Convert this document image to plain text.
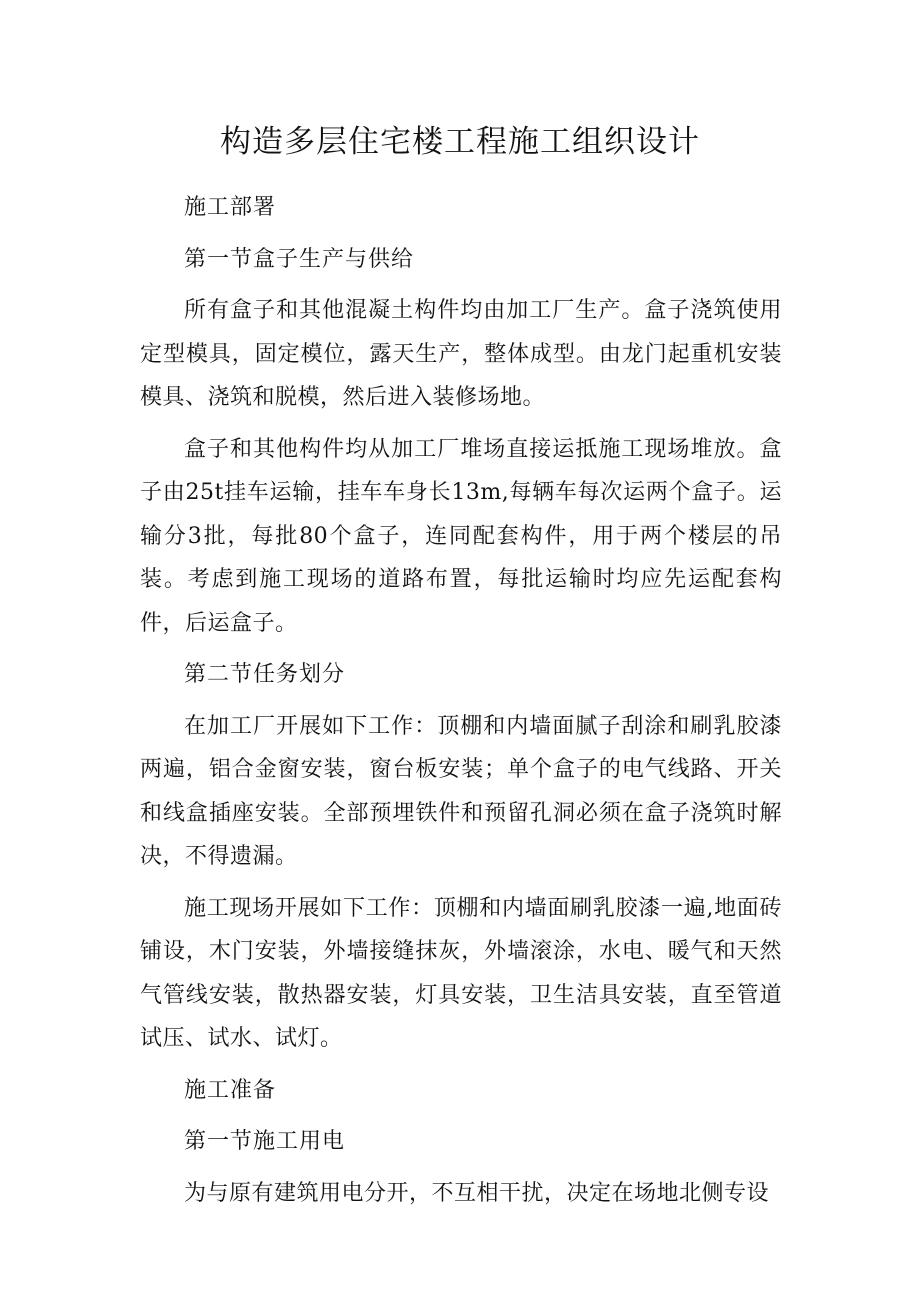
构造多层住宅楼工程施工组织设计

施工部署

第一节盒子生产与供给

所有盒子和其他混凝土构件均由加工厂生产。盒子浇筑使用定型模具，固定模位，露天生产，整体成型。由龙门起重机安装模具、浇筑和脱模，然后进入装修场地。

盒子和其他构件均从加工厂堆场直接运抵施工现场堆放。盒子由25t挂车运输，挂车车身长13m,每辆车每次运两个盒子。运输分3批，每批80个盒子，连同配套构件，用于两个楼层的吊装。考虑到施工现场的道路布置，每批运输时均应先运配套构件，后运盒子。

第二节任务划分

在加工厂开展如下工作：顶棚和内墙面腻子刮涂和刷乳胶漆两遍，铝合金窗安装，窗台板安装；单个盒子的电气线路、开关和线盒插座安装。全部预埋铁件和预留孔洞必须在盒子浇筑时解决，不得遗漏。

施工现场开展如下工作：顶棚和内墙面刷乳胶漆一遍,地面砖铺设，木门安装，外墙接缝抹灰，外墙滚涂，水电、暖气和天然气管线安装，散热器安装，灯具安装，卫生洁具安装，直至管道试压、试水、试灯。

施工准备

第一节施工用电

为与原有建筑用电分开，不互相干扰，决定在场地北侧专设
